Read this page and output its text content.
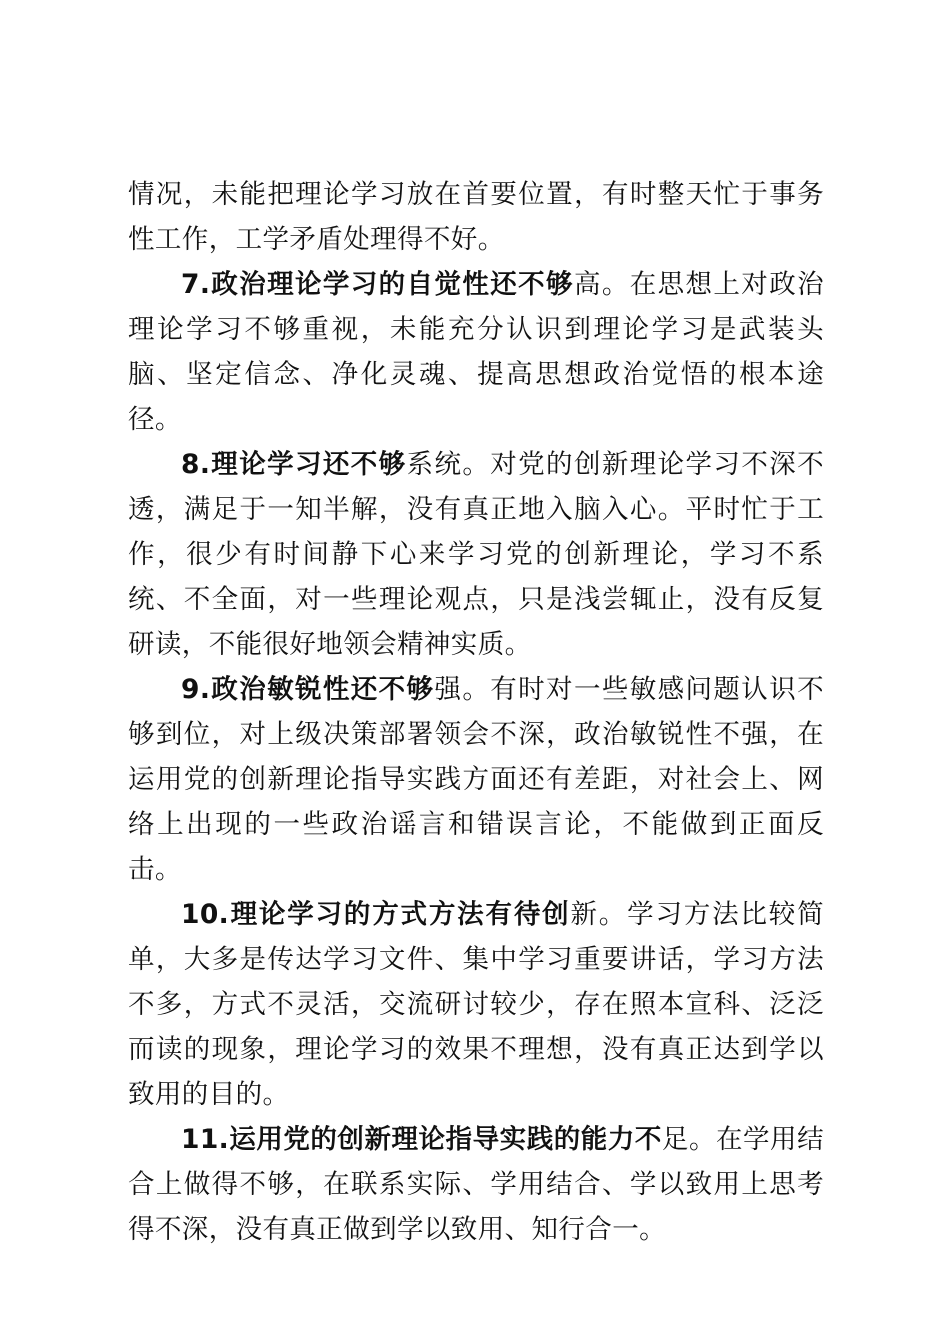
情况，未能把理论学习放在首要位置，有时整天忙于事务性工作，工学矛盾处理得不好。

7.政治理论学习的自觉性还不够高。在思想上对政治理论学习不够重视，未能充分认识到理论学习是武装头脑、坚定信念、净化灵魂、提高思想政治觉悟的根本途径。

8.理论学习还不够系统。对党的创新理论学习不深不透，满足于一知半解，没有真正地入脑入心。平时忙于工作，很少有时间静下心来学习党的创新理论，学习不系统、不全面，对一些理论观点，只是浅尝辄止，没有反复研读，不能很好地领会精神实质。

9.政治敏锐性还不够强。有时对一些敏感问题认识不够到位，对上级决策部署领会不深，政治敏锐性不强，在运用党的创新理论指导实践方面还有差距，对社会上、网络上出现的一些政治谣言和错误言论，不能做到正面反击。

10.理论学习的方式方法有待创新。学习方法比较简单，大多是传达学习文件、集中学习重要讲话，学习方法不多，方式不灵活，交流研讨较少，存在照本宣科、泛泛而读的现象，理论学习的效果不理想，没有真正达到学以致用的目的。

11.运用党的创新理论指导实践的能力不足。在学用结合上做得不够，在联系实际、学用结合、学以致用上思考得不深，没有真正做到学以致用、知行合一。
